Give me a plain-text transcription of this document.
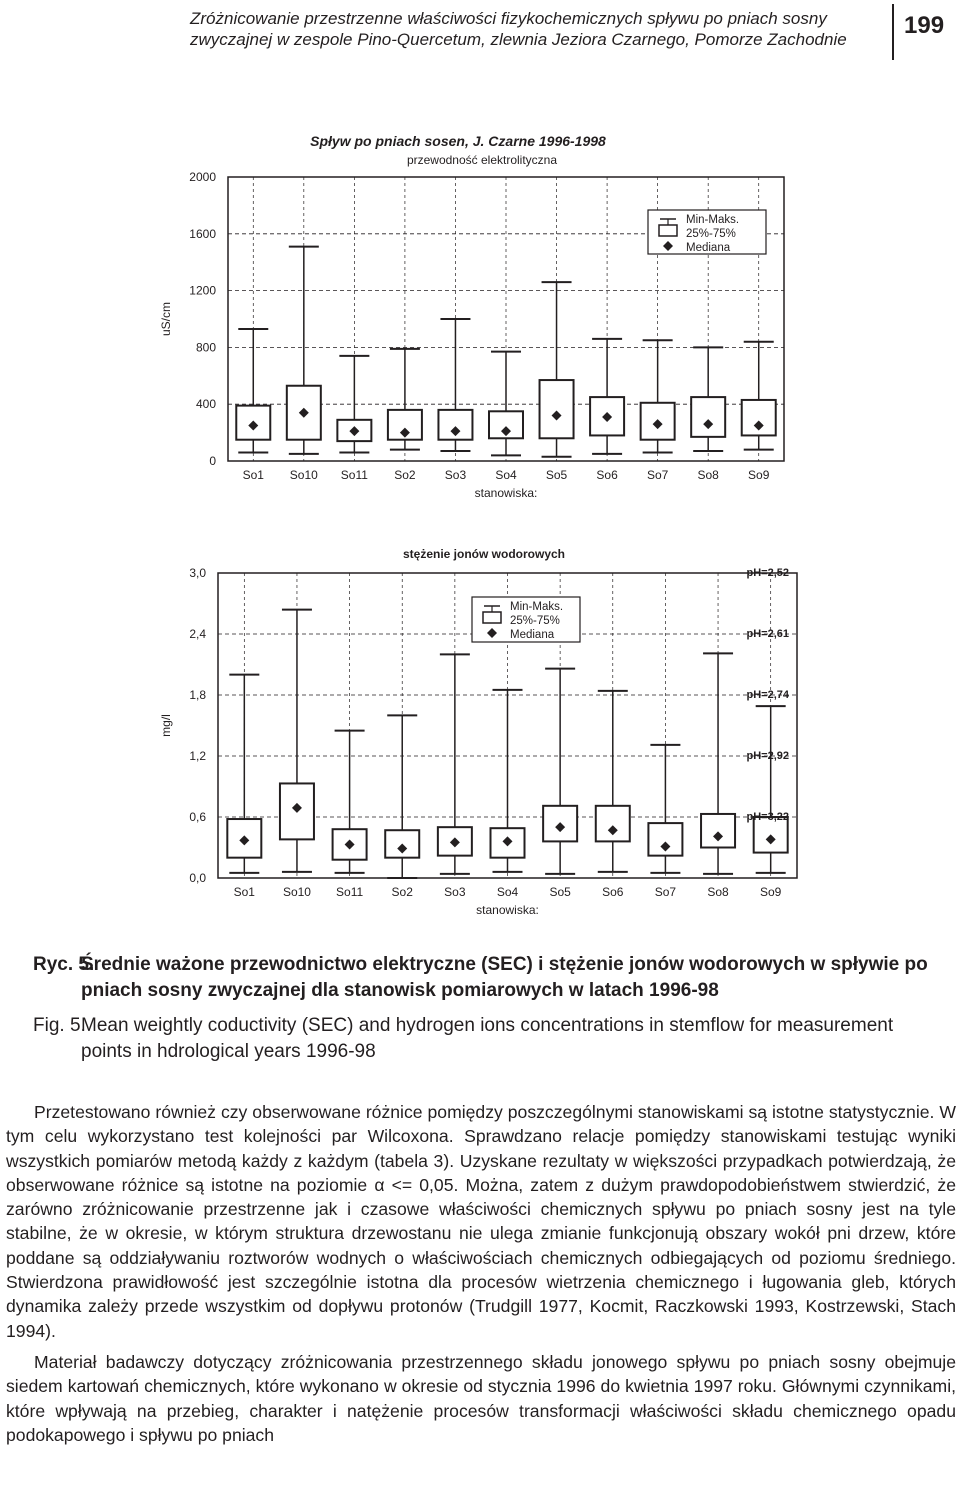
Zróżnicowanie przestrzenne właściwości fizykochemicznych spływu po pniach sosny zwyczajnej w zespole Pino-Quercetum, zlewnia Jeziora Czarnego, Pomorze Zachodnie
199
Spływ po pniach sosen, J. Czarne 1996-1998
przewodność elektrolityczna
0
400
800
1200
1600
2000
So1 So10 So11 So2 So3 So4 So5 So6 So7 So8 So9
stanowiska:
uS/cm
Min-Maks.
25%-75%
Mediana
stężenie jonów wodorowych
0,0
0,6
1,2
1,8
2,4
3,0
So1 So10 So11 So2	So3	So4	So5	So6	So7	So8	So9
stanowiska:
mg/l
Min-Maks.
25%-75%
Mediana
pH=2,52
pH=2,61
pH=2,74
pH=2,92
pH=3,22
Ryc. 5.
Średnie ważone przewodnictwo elektryczne (SEC) i stężenie jonów wodorowych w spływie po pniach sosny zwyczajnej dla stanowisk pomiarowych w latach 1996-98
Fig. 5.
Mean weightly coductivity (SEC) and hydrogen ions concentrations in stemflow for measurement points in hdrological years 1996-98

Przetestowano również czy obserwowane różnice pomiędzy poszczególnymi stanowiskami są istotne statystycznie. W tym celu wykorzystano test kolejności par Wilcoxona. Sprawdzano relacje pomiędzy stanowiskami testując wyniki wszystkich pomiarów metodą każdy z każdym (tabela 3). Uzyskane rezultaty w większości przypadkach potwierdzają, że obserwowane różnice są istotne na poziomie α <= 0,05. Można, zatem z dużym prawdopodobieństwem stwierdzić, że zarówno zróżnicowanie przestrzenne jak i czasowe właściwości chemicznych spływu po pniach sosny jest na tyle stabilne, że w okresie, w którym struktura drzewostanu nie ulega zmianie funkcjonują obszary wokół pni drzew, które poddane są oddziaływaniu roztworów wodnych o właściwościach chemicznych odbiegających od poziomu średniego. Stwierdzona prawidłowość jest szczególnie istotna dla procesów wietrzenia chemicznego i ługowania gleb, których dynamika zależy przede wszystkim od dopływu protonów (Trudgill 1977, Kocmit, Raczkowski 1993, Kostrzewski, Stach 1994).

Materiał badawczy dotyczący zróżnicowania przestrzennego składu jonowego spływu po pniach sosny obejmuje siedem kartowań chemicznych, które wykonano w okresie od stycznia 1996 do kwietnia 1997 roku. Głównymi czynnikami, które wpływają na przebieg, charakter i natężenie procesów transformacji właściwości składu chemicznego opadu podokapowego i spływu po pniach
